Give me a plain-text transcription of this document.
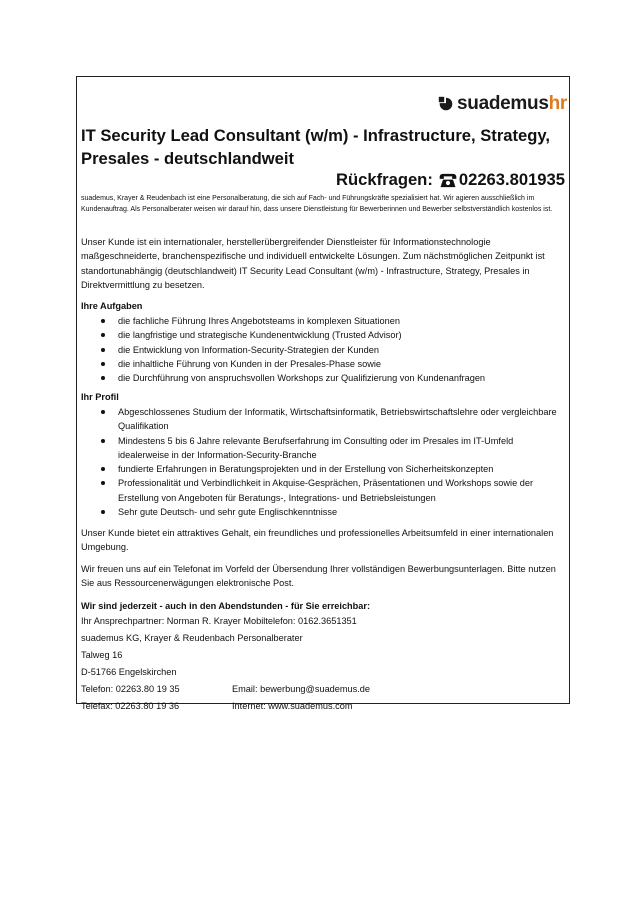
suademus hr
IT Security Lead Consultant (w/m) - Infrastructure, Strategy, Presales - deutschlandweit
Rückfragen: 02263.801935
suademus, Krayer & Reudenbach ist eine Personalberatung, die sich auf Fach- und Führungskräfte spezialisiert hat. Wir agieren ausschließlich im Kundenauftrag. Als Personalberater weisen wir darauf hin, dass unsere Dienstleistung für Bewerberinnen und Bewerber selbstverständlich kostenlos ist.
Unser Kunde ist ein internationaler, herstellerübergreifender Dienstleister für Informationstechnologie maßgeschneiderte, branchenspezifische und individuell entwickelte Lösungen. Zum nächstmöglichen Zeitpunkt ist standortunabhängig (deutschlandweit) IT Security Lead Consultant (w/m) - Infrastructure, Strategy, Presales in Direktvermittlung zu besetzen.
Ihre Aufgaben
die fachliche Führung Ihres Angebotsteams in komplexen Situationen
die langfristige und strategische Kundenentwicklung (Trusted Advisor)
die Entwicklung von Information-Security-Strategien der Kunden
die inhaltliche Führung von Kunden in der Presales-Phase sowie
die Durchführung von anspruchsvollen Workshops zur Qualifizierung von Kundenanfragen
Ihr Profil
Abgeschlossenes Studium der Informatik, Wirtschaftsinformatik, Betriebswirtschaftslehre oder vergleichbare Qualifikation
Mindestens 5 bis 6 Jahre relevante Berufserfahrung im Consulting oder im Presales im IT-Umfeld idealerweise in der Information-Security-Branche
fundierte Erfahrungen in Beratungsprojekten und in der Erstellung von Sicherheitskonzepten
Professionalität und Verbindlichkeit in Akquise-Gesprächen, Präsentationen und Workshops sowie der Erstellung von Angeboten für Beratungs-, Integrations- und Betriebsleistungen
Sehr gute Deutsch- und sehr gute Englischkenntnisse
Unser Kunde bietet ein attraktives Gehalt, ein freundliches und professionelles Arbeitsumfeld in einer internationalen Umgebung.
Wir freuen uns auf ein Telefonat im Vorfeld der Übersendung Ihrer vollständigen Bewerbungsunterlagen. Bitte nutzen Sie aus Ressourcenerwägungen elektronische Post.
Wir sind jederzeit - auch in den Abendstunden - für Sie erreichbar:
Ihr Ansprechpartner: Norman R. Krayer Mobiltelefon: 0162.3651351
suademus KG, Krayer & Reudenbach Personalberater
Talweg 16
D-51766 Engelskirchen
Telefon: 02263.80 19 35	Email: bewerbung@suademus.de
Telefax: 02263.80 19 36	Internet: www.suademus.com
